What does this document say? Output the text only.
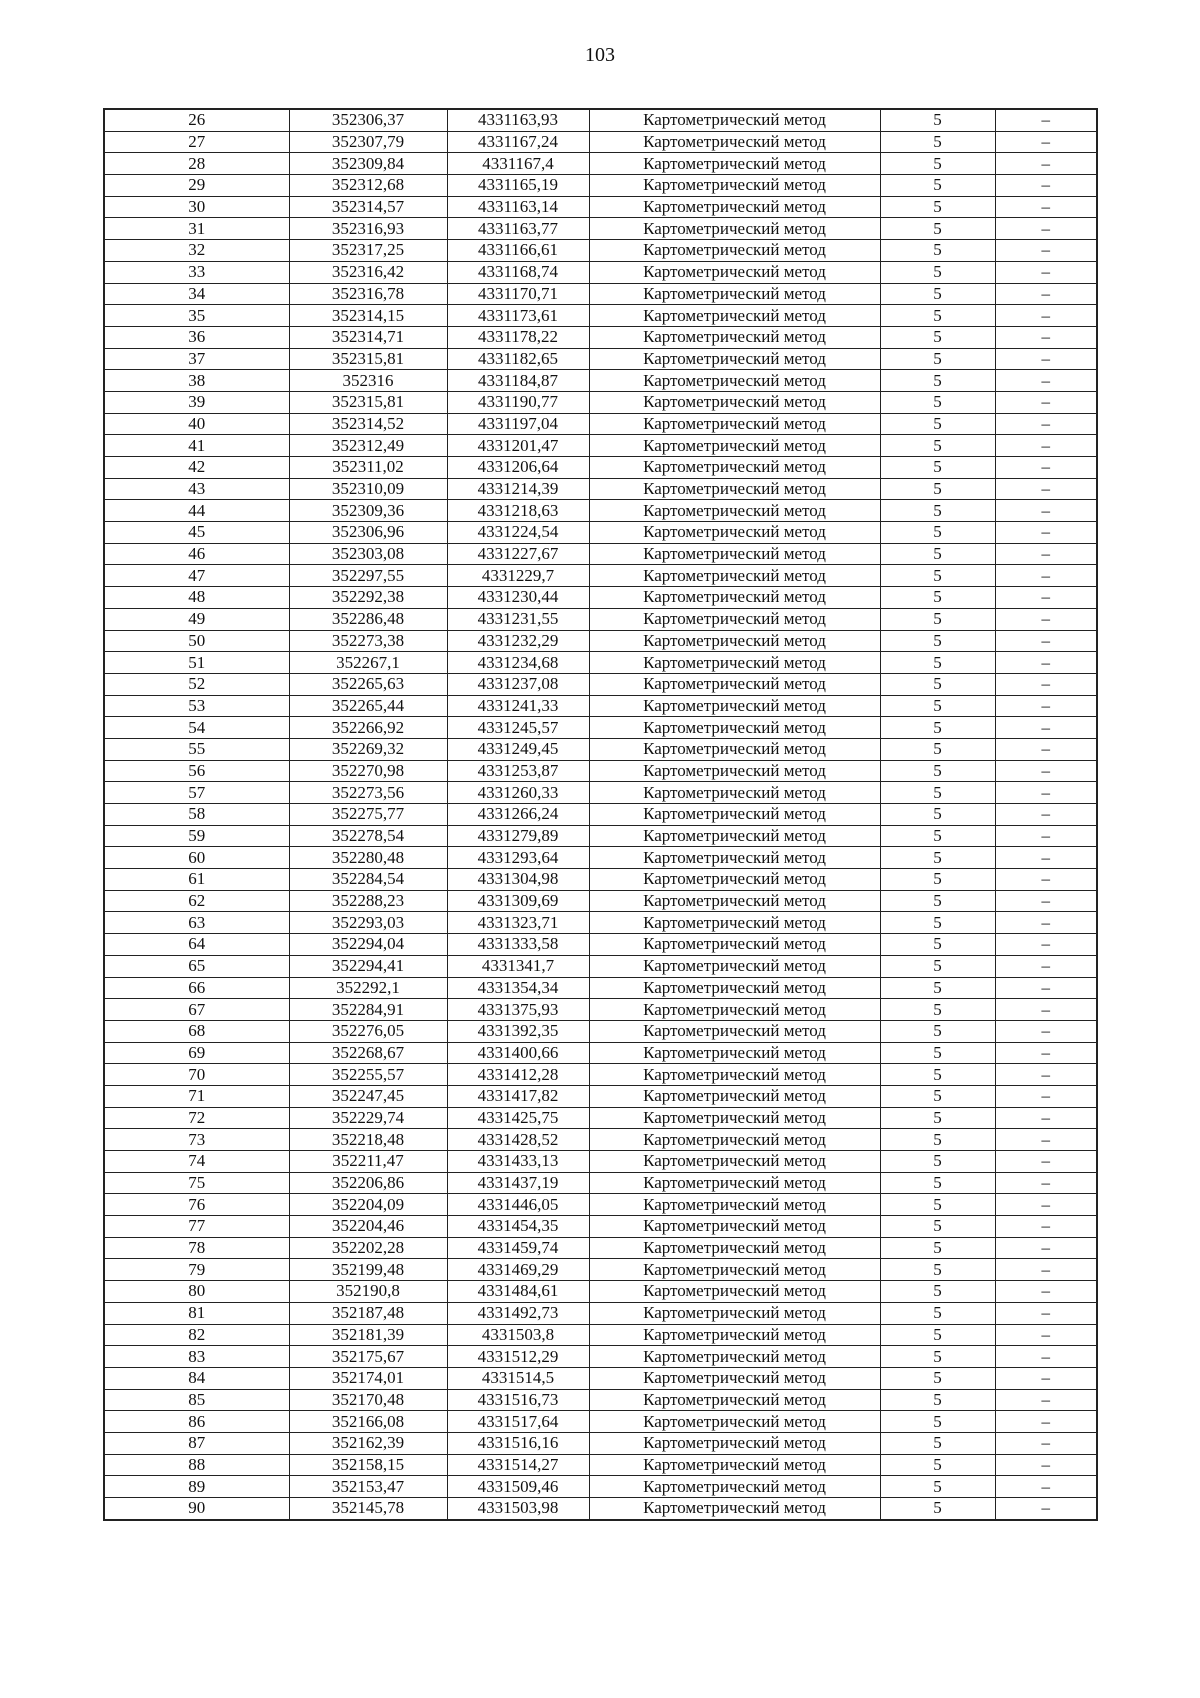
103
26	352306,37	4331163,93	Картометрический метод	5	–
27	352307,79	4331167,24	Картометрический метод	5	–
28	352309,84	4331167,4	Картометрический метод	5	–
29	352312,68	4331165,19	Картометрический метод	5	–
30	352314,57	4331163,14	Картометрический метод	5	–
31	352316,93	4331163,77	Картометрический метод	5	–
32	352317,25	4331166,61	Картометрический метод	5	–
33	352316,42	4331168,74	Картометрический метод	5	–
34	352316,78	4331170,71	Картометрический метод	5	–
35	352314,15	4331173,61	Картометрический метод	5	–
36	352314,71	4331178,22	Картометрический метод	5	–
37	352315,81	4331182,65	Картометрический метод	5	–
38	352316	4331184,87	Картометрический метод	5	–
39	352315,81	4331190,77	Картометрический метод	5	–
40	352314,52	4331197,04	Картометрический метод	5	–
41	352312,49	4331201,47	Картометрический метод	5	–
42	352311,02	4331206,64	Картометрический метод	5	–
43	352310,09	4331214,39	Картометрический метод	5	–
44	352309,36	4331218,63	Картометрический метод	5	–
45	352306,96	4331224,54	Картометрический метод	5	–
46	352303,08	4331227,67	Картометрический метод	5	–
47	352297,55	4331229,7	Картометрический метод	5	–
48	352292,38	4331230,44	Картометрический метод	5	–
49	352286,48	4331231,55	Картометрический метод	5	–
50	352273,38	4331232,29	Картометрический метод	5	–
51	352267,1	4331234,68	Картометрический метод	5	–
52	352265,63	4331237,08	Картометрический метод	5	–
53	352265,44	4331241,33	Картометрический метод	5	–
54	352266,92	4331245,57	Картометрический метод	5	–
55	352269,32	4331249,45	Картометрический метод	5	–
56	352270,98	4331253,87	Картометрический метод	5	–
57	352273,56	4331260,33	Картометрический метод	5	–
58	352275,77	4331266,24	Картометрический метод	5	–
59	352278,54	4331279,89	Картометрический метод	5	–
60	352280,48	4331293,64	Картометрический метод	5	–
61	352284,54	4331304,98	Картометрический метод	5	–
62	352288,23	4331309,69	Картометрический метод	5	–
63	352293,03	4331323,71	Картометрический метод	5	–
64	352294,04	4331333,58	Картометрический метод	5	–
65	352294,41	4331341,7	Картометрический метод	5	–
66	352292,1	4331354,34	Картометрический метод	5	–
67	352284,91	4331375,93	Картометрический метод	5	–
68	352276,05	4331392,35	Картометрический метод	5	–
69	352268,67	4331400,66	Картометрический метод	5	–
70	352255,57	4331412,28	Картометрический метод	5	–
71	352247,45	4331417,82	Картометрический метод	5	–
72	352229,74	4331425,75	Картометрический метод	5	–
73	352218,48	4331428,52	Картометрический метод	5	–
74	352211,47	4331433,13	Картометрический метод	5	–
75	352206,86	4331437,19	Картометрический метод	5	–
76	352204,09	4331446,05	Картометрический метод	5	–
77	352204,46	4331454,35	Картометрический метод	5	–
78	352202,28	4331459,74	Картометрический метод	5	–
79	352199,48	4331469,29	Картометрический метод	5	–
80	352190,8	4331484,61	Картометрический метод	5	–
81	352187,48	4331492,73	Картометрический метод	5	–
82	352181,39	4331503,8	Картометрический метод	5	–
83	352175,67	4331512,29	Картометрический метод	5	–
84	352174,01	4331514,5	Картометрический метод	5	–
85	352170,48	4331516,73	Картометрический метод	5	–
86	352166,08	4331517,64	Картометрический метод	5	–
87	352162,39	4331516,16	Картометрический метод	5	–
88	352158,15	4331514,27	Картометрический метод	5	–
89	352153,47	4331509,46	Картометрический метод	5	–
90	352145,78	4331503,98	Картометрический метод	5	–
